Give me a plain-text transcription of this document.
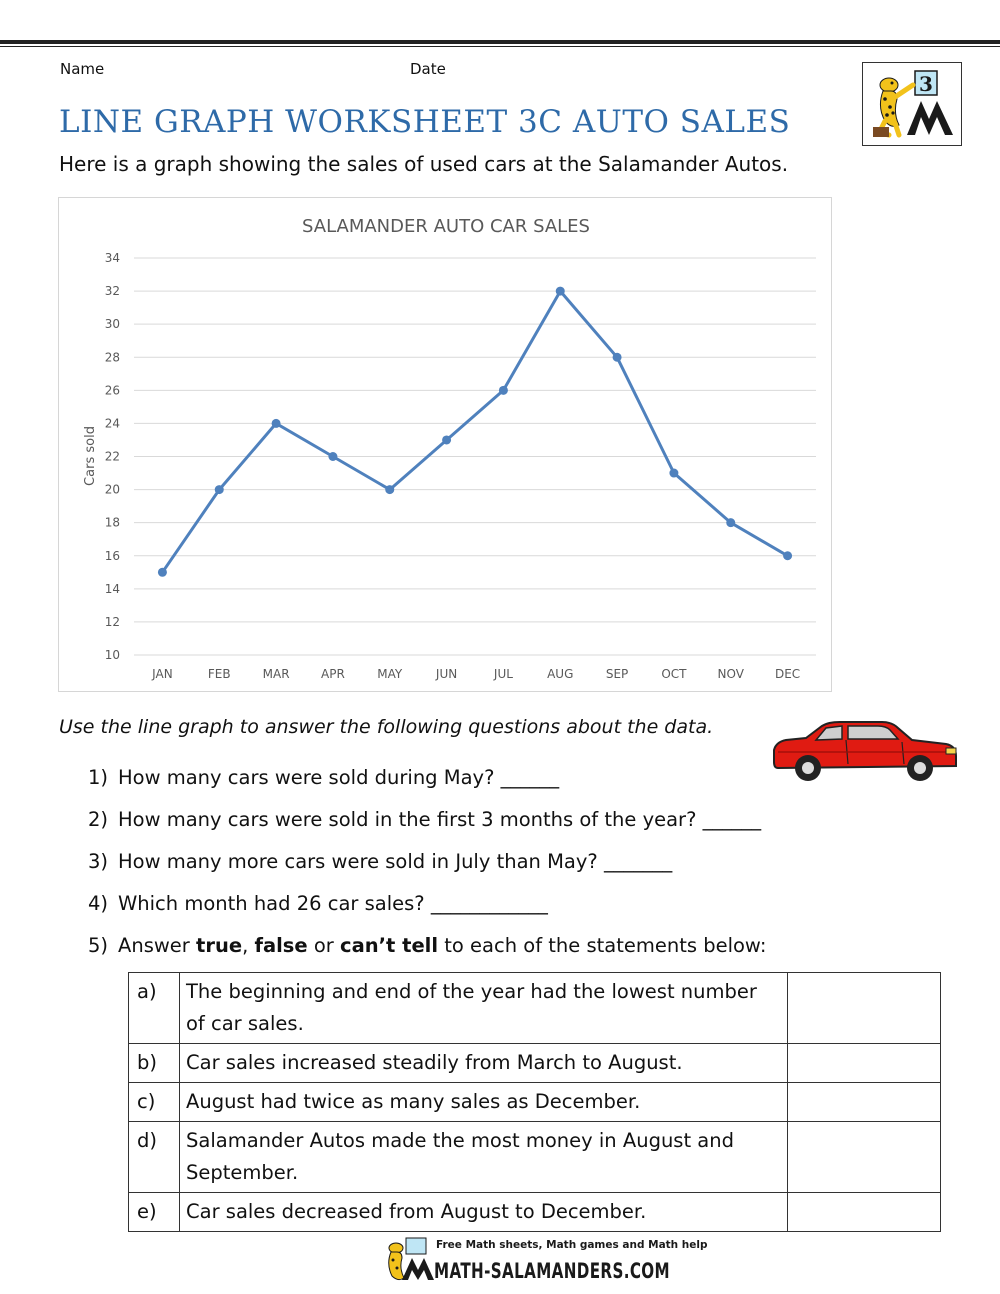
Name	Date
3
LINE GRAPH WORKSHEET 3C AUTO SALES
Here is a graph showing the sales of used cars at the Salamander Autos.
SALAMANDER AUTO CAR SALES
Cars sold
10
12
14
16
18
20
22
24
26
28
30
32
34
JAN	FEB	MAR	APR	MAY	JUN	JUL	AUG	SEP	OCT	NOV	DEC
Use the line graph to answer the following questions about the data.
1) How many cars were sold during May? ______
2) How many cars were sold in the first 3 months of the year? ______
3) How many more cars were sold in July than May? _______
4) Which month had 26 car sales? ____________
5) Answer true, false or can’t tell to each of the statements below:
a)	The beginning and end of the year had the lowest number of car sales.	
b)	Car sales increased steadily from March to August.	
c)	August had twice as many sales as December.	
d)	Salamander Autos made the most money in August and September.	
e)	Car sales decreased from August to December.	
Free Math sheets, Math games and Math help
MATH-SALAMANDERS.COM
